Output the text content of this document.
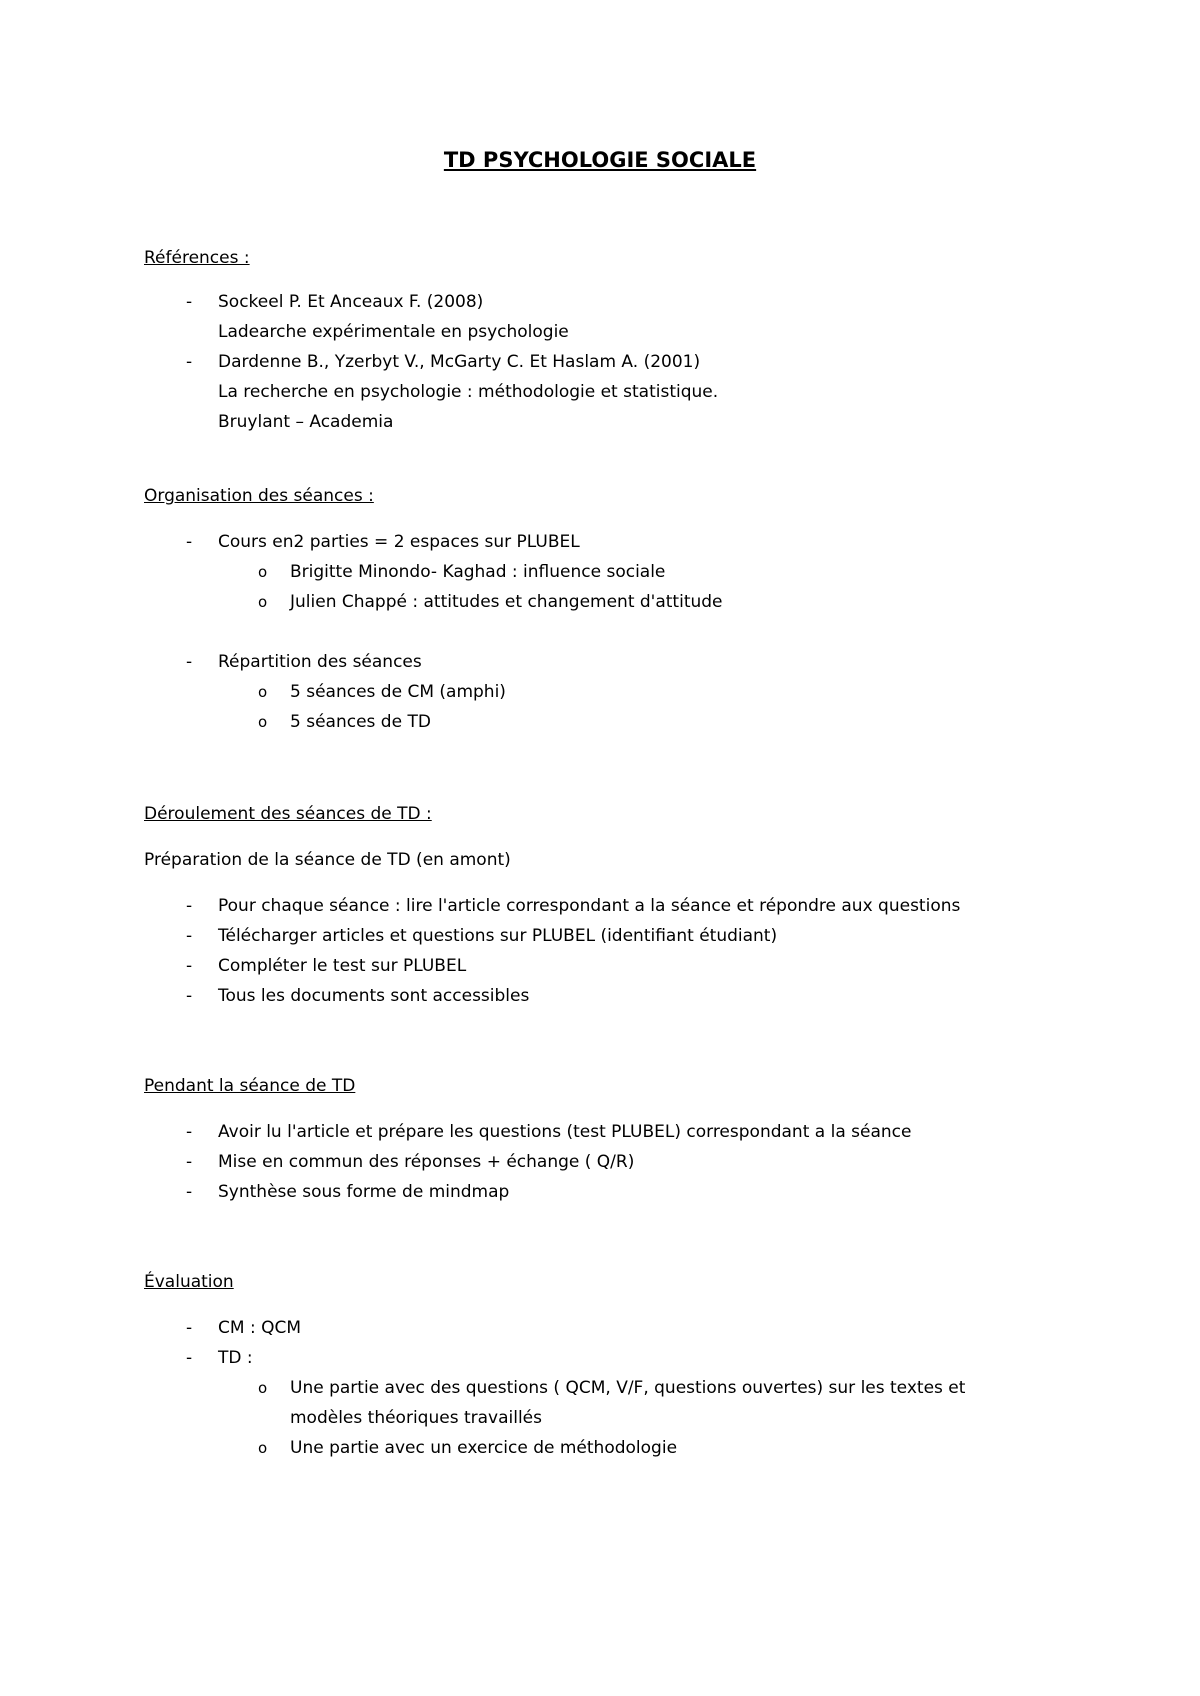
TD PSYCHOLOGIE SOCIALE
Références :
- Sockeel P. Et Anceaux F. (2008)
Ladearche expérimentale en psychologie
- Dardenne B., Yzerbyt V., McGarty C. Et Haslam A. (2001)
La recherche en psychologie : méthodologie et statistique.
Bruylant – Academia
Organisation des séances :
- Cours en2 parties = 2 espaces sur PLUBEL
o Brigitte Minondo- Kaghad : influence sociale
o Julien Chappé : attitudes et changement d'attitude
- Répartition des séances
o 5 séances de CM (amphi)
o 5 séances de TD
Déroulement des séances de TD :
Préparation de la séance de TD (en amont)
- Pour chaque séance : lire l'article correspondant a la séance et répondre aux questions
- Télécharger articles et questions sur PLUBEL (identifiant étudiant)
- Compléter le test sur PLUBEL
- Tous les documents sont accessibles
Pendant la séance de TD
- Avoir lu l'article et prépare les questions (test PLUBEL) correspondant a la séance
- Mise en commun des réponses + échange ( Q/R)
- Synthèse sous forme de mindmap
Évaluation
- CM : QCM
- TD :
o Une partie avec des questions ( QCM, V/F, questions ouvertes) sur les textes et
modèles théoriques travaillés
o Une partie avec un exercice de méthodologie
